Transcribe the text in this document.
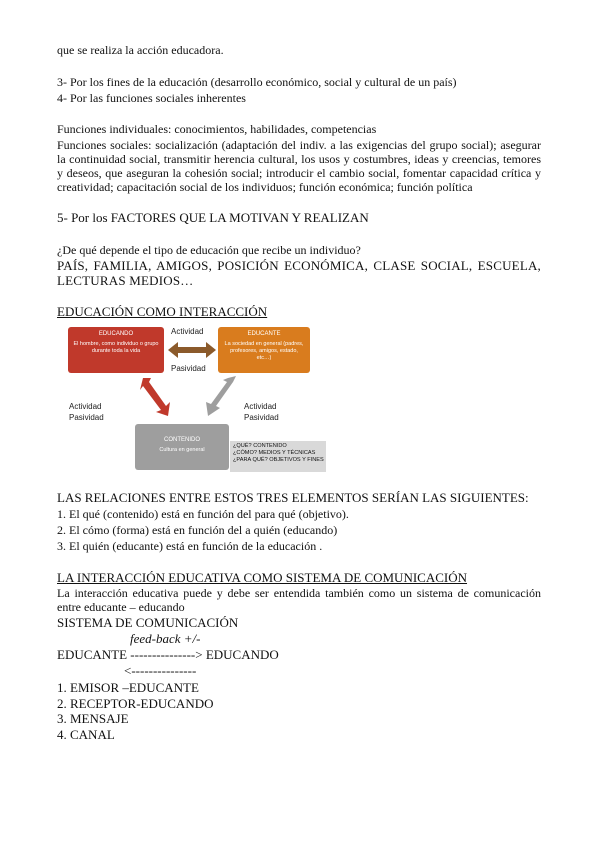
que se realiza la acción educadora.
3- Por los fines de la educación (desarrollo económico, social y cultural de un país)
4- Por las funciones sociales inherentes
Funciones individuales: conocimientos, habilidades, competencias
Funciones sociales: socialización (adaptación del indiv. a las exigencias del grupo social); asegurar la continuidad social, transmitir herencia cultural, los usos y costumbres, ideas y creencias, temores y deseos, que aseguran la cohesión social; introducir el cambio social, fomentar capacidad crítica y creatividad; capacitación social de los individuos; función económica; función política
5- Por los FACTORES QUE LA MOTIVAN Y REALIZAN
¿De qué depende el tipo de educación que recibe un individuo?
PAÍS, FAMILIA, AMIGOS, POSICIÓN ECONÓMICA, CLASE SOCIAL, ESCUELA, LECTURAS MEDIOS…
EDUCACIÓN COMO INTERACCIÓN
EDUCANDO
El hombre, como individuo o grupo durante toda la vida
EDUCANTE
La sociedad en general (padres, profesores, amigos, estado, etc…)
CONTENIDO
Cultura en general
Actividad
Pasividad
Actividad
Pasividad
Actividad
Pasividad
¿QUÉ? CONTENIDO
¿CÓMO? MEDIOS Y TÉCNICAS
¿PARA QUÉ? OBJETIVOS Y FINES
LAS RELACIONES ENTRE ESTOS TRES ELEMENTOS SERÍAN LAS SIGUIENTES:
1. El qué (contenido) está en función del para qué (objetivo).
2. El cómo (forma) está en función del a quién (educando)
3. El quién (educante) está en función de la educación .
LA INTERACCIÓN EDUCATIVA COMO SISTEMA DE COMUNICACIÓN
La interacción educativa puede y debe ser entendida también como un sistema de comunicación entre educante – educando
SISTEMA DE COMUNICACIÓN
feed-back +/-
EDUCANTE ---------------> EDUCANDO
<---------------
1. EMISOR –EDUCANTE
2. RECEPTOR-EDUCANDO
3. MENSAJE
4. CANAL
